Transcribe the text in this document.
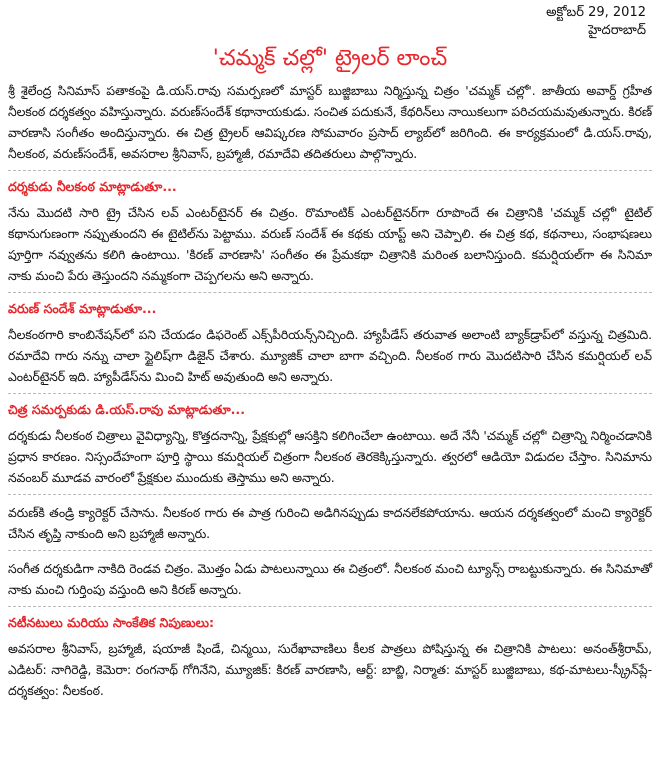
అక్టోబర్ 29, 2012
హైదరాబాద్
'చమ్మక్ చల్లో' ట్రైలర్ లాంచ్

శ్రీ శైలేంద్ర సినిమాస్ పతాకంపై డి.యస్.రావు సమర్పణలో మాస్టర్ బుజ్జిబాబు నిర్మిస్తున్న చిత్రం 'చమ్మక్ చల్లో'. జాతీయ అవార్డ్ గ్రహీత నీలకంఠ దర్శకత్వం వహిస్తున్నారు. వరుణ్‌సందేశ్ కథానాయకుడు. సంచిత పదుకునే, కేథరిన్‌లు నాయికలుగా పరిచయమవుతున్నారు. కిరణ్ వారణాసి సంగీతం అందిస్తున్నారు. ఈ చిత్ర ట్రైలర్ ఆవిష్కరణ సోమవారం ప్రసాద్ ల్యాబ్‌లో జరిగింది. ఈ కార్యక్రమంలో డి.యస్.రావు, నీలకంఠ, వరుణ్‌సందేశ్, అవసరాల శ్రీనివాస్, బ్రహ్మాజీ, రమాదేవి తదితరులు పాల్గొన్నారు.

దర్శకుడు నీలకంఠ మాట్లాడుతూ...

నేను మొదటి సారి ట్రై చేసిన లవ్ ఎంటర్‌టైనర్ ఈ చిత్రం. రొమాంటిక్ ఎంటర్‌టైనర్‌గా రూపొందే ఈ చిత్రానికి 'చమ్మక్ చల్లో' టైటిల్ కథానుగుణంగా నప్పుతుందని ఈ టైటిల్‌ను పెట్టాము. వరుణ్ సందేశ్ ఈ కథకు యాప్ట్ అని చెప్పాలి. ఈ చిత్ర కథ, కథనాలు, సంభాషణలు పూర్తిగా నవ్వుతను కలిగి ఉంటాయి. 'కిరణ్ వారణాసి' సంగీతం ఈ ప్రేమకథా చిత్రానికి మరింత బలానిస్తుంది. కమర్షియల్‌గా ఈ సినిమా నాకు మంచి పేరు తెస్తుందని నమ్మకంగా చెప్పగలను అని అన్నారు.

వరుణ్ సందేశ్ మాట్లాడుతూ...

నీలకంఠగారి కాంబినేషన్‌లో పని చేయడం డిఫరెంట్ ఎక్స్‌పీరియన్స్‌నిచ్చింది. హ్యాపీడేస్ తరువాత అలాంటి బ్యాక్‌డ్రాప్‌లో వస్తున్న చిత్రమిది. రమాదేవి గారు నన్ను చాలా స్టైలిష్‌గా డిజైన్ చేశారు. మ్యూజిక్ చాలా బాగా వచ్చింది. నీలకంఠ గారు మొదటిసారి చేసిన కమర్షియల్ లవ్ ఎంటర్‌టైనర్ ఇది. హ్యాపీడేస్‌ను మించి హిట్ అవుతుంది అని అన్నారు.

చిత్ర సమర్పకుడు డి.యస్.రావు మాట్లాడుతూ...

దర్శకుడు నీలకంఠ చిత్రాలు వైవిధ్యాన్ని, కొత్తదనాన్ని, ప్రేక్షకుల్లో ఆసక్తిని కలిగించేలా ఉంటాయి. అదే నేనీ 'చమ్మక్ చల్లో' చిత్రాన్ని నిర్మించడానికి ప్రధాన కారణం. నిస్సందేహంగా పూర్తి స్థాయి కమర్షియల్ చిత్రంగా నీలకంఠ తెరకెక్కిస్తున్నారు. త్వరలో ఆడియో విడుదల చేస్తాం. సినిమాను నవంబర్ మూడవ వారంలో ప్రేక్షకుల ముందుకు తెస్తాము అని అన్నారు.

వరుణ్‌కి తండ్రి క్యారెక్టర్ చేసాను. నీలకంఠ గారు ఈ పాత్ర గురించి అడిగినప్పుడు కాదనలేకపోయాను. ఆయన దర్శకత్వంలో మంచి క్యారెక్టర్ చేసిన తృప్తి నాకుంది అని బ్రహ్మాజీ అన్నారు.

సంగీత దర్శకుడిగా నాకిది రెండవ చిత్రం. మొత్తం ఏడు పాటలున్నాయి ఈ చిత్రంలో. నీలకంఠ మంచి ట్యూన్స్ రాబట్టుకున్నారు. ఈ సినిమాతో నాకు మంచి గుర్తింపు వస్తుంది అని కిరణ్ అన్నారు.

నటీనటులు మరియు సాంకేతిక నిపుణులు:

అవసరాల శ్రీనివాస్, బ్రహ్మాజీ, షయాజీ షిండే, చిన్మయి, సురేఖావాణిలు కీలక పాత్రలు పోషిస్తున్న ఈ చిత్రానికి పాటలు: అనంత్‌శ్రీరామ్, ఎడిటర్: నాగిరెడ్డి, కెమెరా: రంగనాథ్ గోగినేని, మ్యూజిక్: కిరణ్ వారణాసి, ఆర్ట్: బాబ్జి, నిర్మాత: మాస్టర్ బుజ్జిబాబు, కథ-మాటలు-స్క్రీన్‌ప్లే-దర్శకత్వం: నీలకంఠ.
